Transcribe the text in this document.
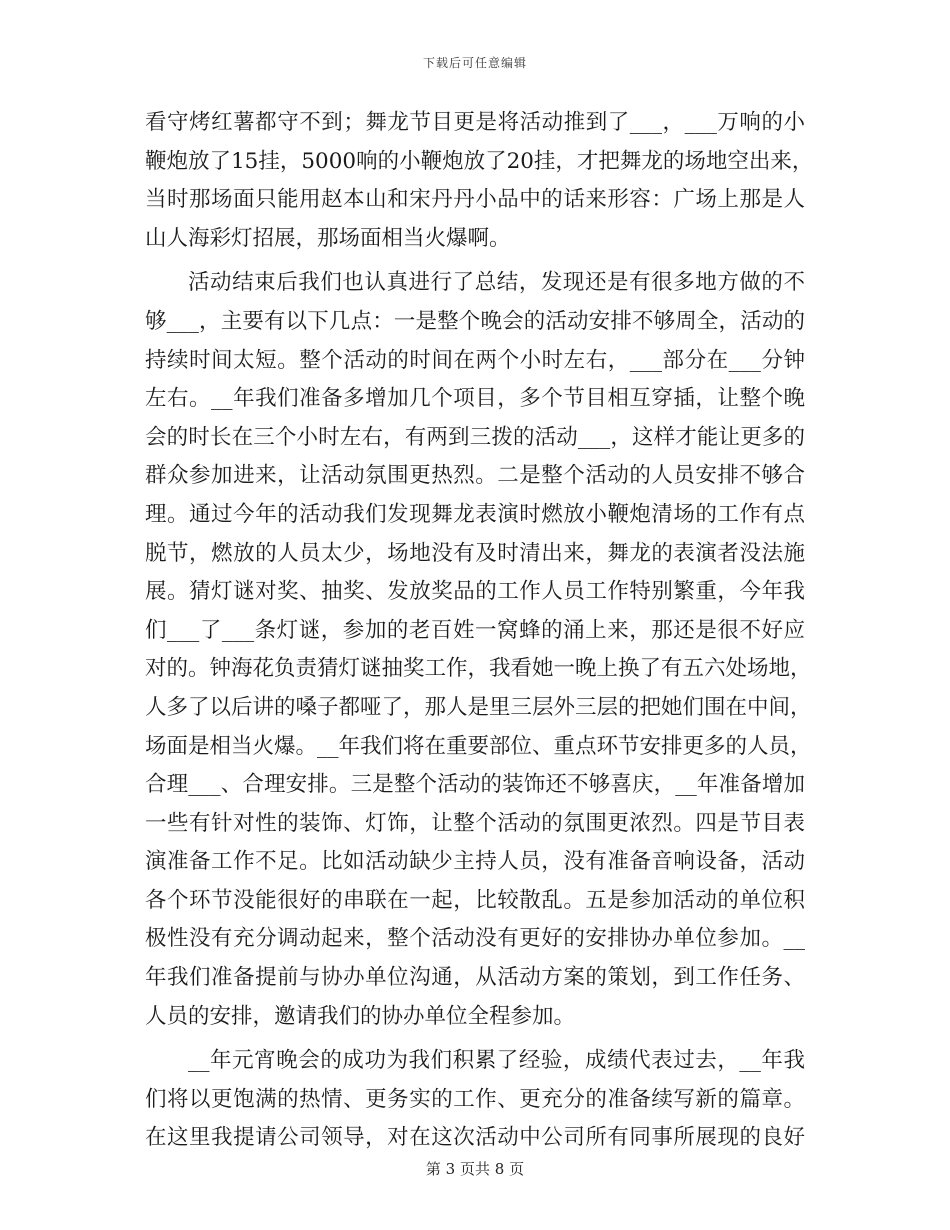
下载后可任意编辑
看守烤红薯都守不到；舞龙节目更是将活动推到了___，___万响的小
鞭炮放了15挂，5000响的小鞭炮放了20挂，才把舞龙的场地空出来，
当时那场面只能用赵本山和宋丹丹小品中的话来形容：广场上那是人
山人海彩灯招展，那场面相当火爆啊。
活动结束后我们也认真进行了总结，发现还是有很多地方做的不
够___，主要有以下几点：一是整个晚会的活动安排不够周全，活动的
持续时间太短。整个活动的时间在两个小时左右，___部分在___分钟
左右。__年我们准备多增加几个项目，多个节目相互穿插，让整个晚
会的时长在三个小时左右，有两到三拨的活动___，这样才能让更多的
群众参加进来，让活动氛围更热烈。二是整个活动的人员安排不够合
理。通过今年的活动我们发现舞龙表演时燃放小鞭炮清场的工作有点
脱节，燃放的人员太少，场地没有及时清出来，舞龙的表演者没法施
展。猜灯谜对奖、抽奖、发放奖品的工作人员工作特别繁重，今年我
们___了___条灯谜，参加的老百姓一窝蜂的涌上来，那还是很不好应
对的。钟海花负责猜灯谜抽奖工作，我看她一晚上换了有五六处场地，
人多了以后讲的嗓子都哑了，那人是里三层外三层的把她们围在中间，
场面是相当火爆。__年我们将在重要部位、重点环节安排更多的人员，
合理___、合理安排。三是整个活动的装饰还不够喜庆，__年准备增加
一些有针对性的装饰、灯饰，让整个活动的氛围更浓烈。四是节目表
演准备工作不足。比如活动缺少主持人员，没有准备音响设备，活动
各个环节没能很好的串联在一起，比较散乱。五是参加活动的单位积
极性没有充分调动起来，整个活动没有更好的安排协办单位参加。__
年我们准备提前与协办单位沟通，从活动方案的策划，到工作任务、
人员的安排，邀请我们的协办单位全程参加。
__年元宵晚会的成功为我们积累了经验，成绩代表过去，__年我
们将以更饱满的热情、更务实的工作、更充分的准备续写新的篇章。
在这里我提请公司领导，对在这次活动中公司所有同事所展现的良好
第 3 页共 8 页
